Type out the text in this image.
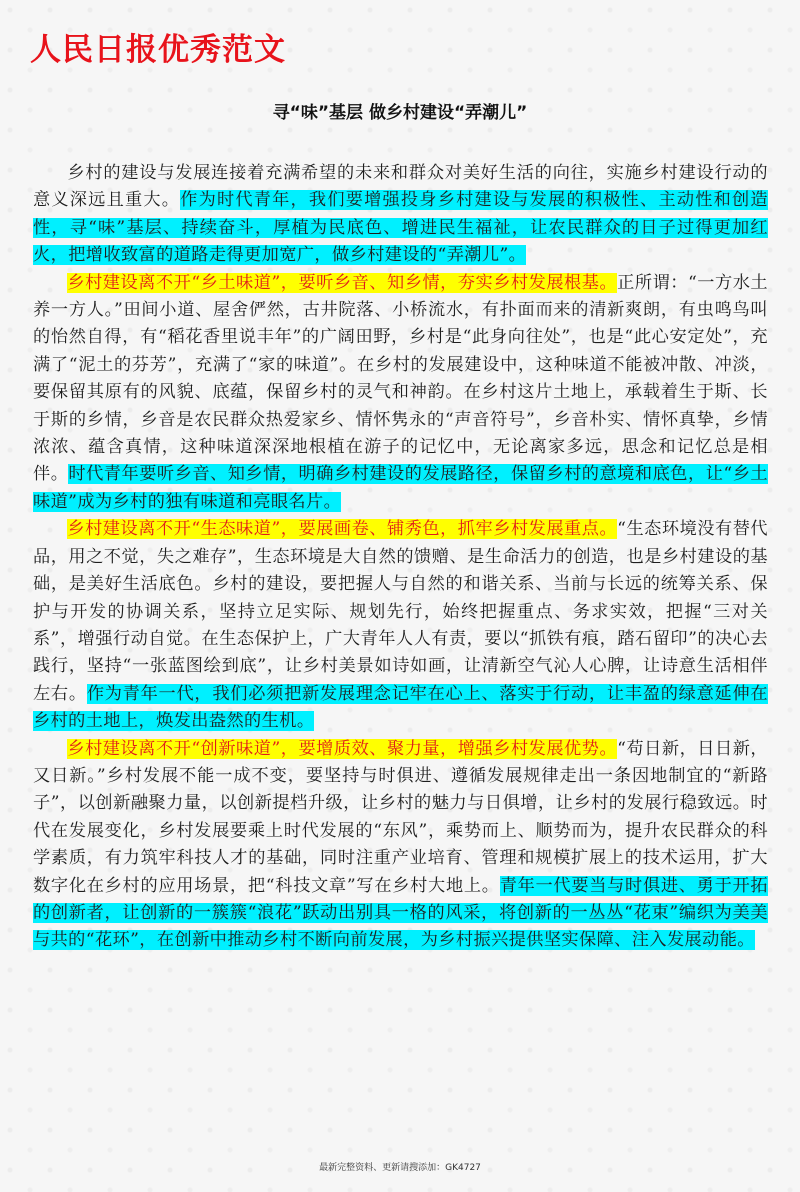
人民日报优秀范文
寻“味”基层 做乡村建设“弄潮儿”

乡村的建设与发展连接着充满希望的未来和群众对美好生活的向往，实施乡村建设行动的意义深远且重大。作为时代青年，我们要增强投身乡村建设与发展的积极性、主动性和创造性，寻“味”基层、持续奋斗，厚植为民底色、增进民生福祉，让农民群众的日子过得更加红火，把增收致富的道路走得更加宽广，做乡村建设的“弄潮儿”。

乡村建设离不开“乡土味道”，要听乡音、知乡情，夯实乡村发展根基。正所谓：“一方水土养一方人。”田间小道、屋舍俨然，古井院落、小桥流水，有扑面而来的清新爽朗，有虫鸣鸟叫的怡然自得，有“稻花香里说丰年”的广阔田野，乡村是“此身向往处”，也是“此心安定处”，充满了“泥土的芬芳”，充满了“家的味道”。在乡村的发展建设中，这种味道不能被冲散、冲淡，要保留其原有的风貌、底蕴，保留乡村的灵气和神韵。在乡村这片土地上，承载着生于斯、长于斯的乡情，乡音是农民群众热爱家乡、情怀隽永的“声音符号”，乡音朴实、情怀真挚，乡情浓浓、蕴含真情，这种味道深深地根植在游子的记忆中，无论离家多远，思念和记忆总是相伴。时代青年要听乡音、知乡情，明确乡村建设的发展路径，保留乡村的意境和底色，让“乡土味道”成为乡村的独有味道和亮眼名片。

乡村建设离不开“生态味道”，要展画卷、铺秀色，抓牢乡村发展重点。“生态环境没有替代品，用之不觉，失之难存”，生态环境是大自然的馈赠、是生命活力的创造，也是乡村建设的基础，是美好生活底色。乡村的建设，要把握人与自然的和谐关系、当前与长远的统筹关系、保护与开发的协调关系，坚持立足实际、规划先行，始终把握重点、务求实效，把握“三对关系”，增强行动自觉。在生态保护上，广大青年人人有责，要以“抓铁有痕，踏石留印”的决心去践行，坚持“一张蓝图绘到底”，让乡村美景如诗如画，让清新空气沁人心脾，让诗意生活相伴左右。作为青年一代，我们必须把新发展理念记牢在心上、落实于行动，让丰盈的绿意延伸在乡村的土地上，焕发出盎然的生机。

乡村建设离不开“创新味道”，要增质效、聚力量，增强乡村发展优势。“苟日新，日日新，又日新。”乡村发展不能一成不变，要坚持与时俱进、遵循发展规律走出一条因地制宜的“新路子”，以创新融聚力量，以创新提档升级，让乡村的魅力与日俱增，让乡村的发展行稳致远。时代在发展变化，乡村发展要乘上时代发展的“东风”，乘势而上、顺势而为，提升农民群众的科学素质，有力筑牢科技人才的基础，同时注重产业培育、管理和规模扩展上的技术运用，扩大数字化在乡村的应用场景，把“科技文章”写在乡村大地上。青年一代要当与时俱进、勇于开拓的创新者，让创新的一簇簇“浪花”跃动出别具一格的风采，将创新的一丛丛“花束”编织为美美与共的“花环”，在创新中推动乡村不断向前发展，为乡村振兴提供坚实保障、注入发展动能。

最新完整资料、更新请搜添加：GK4727
